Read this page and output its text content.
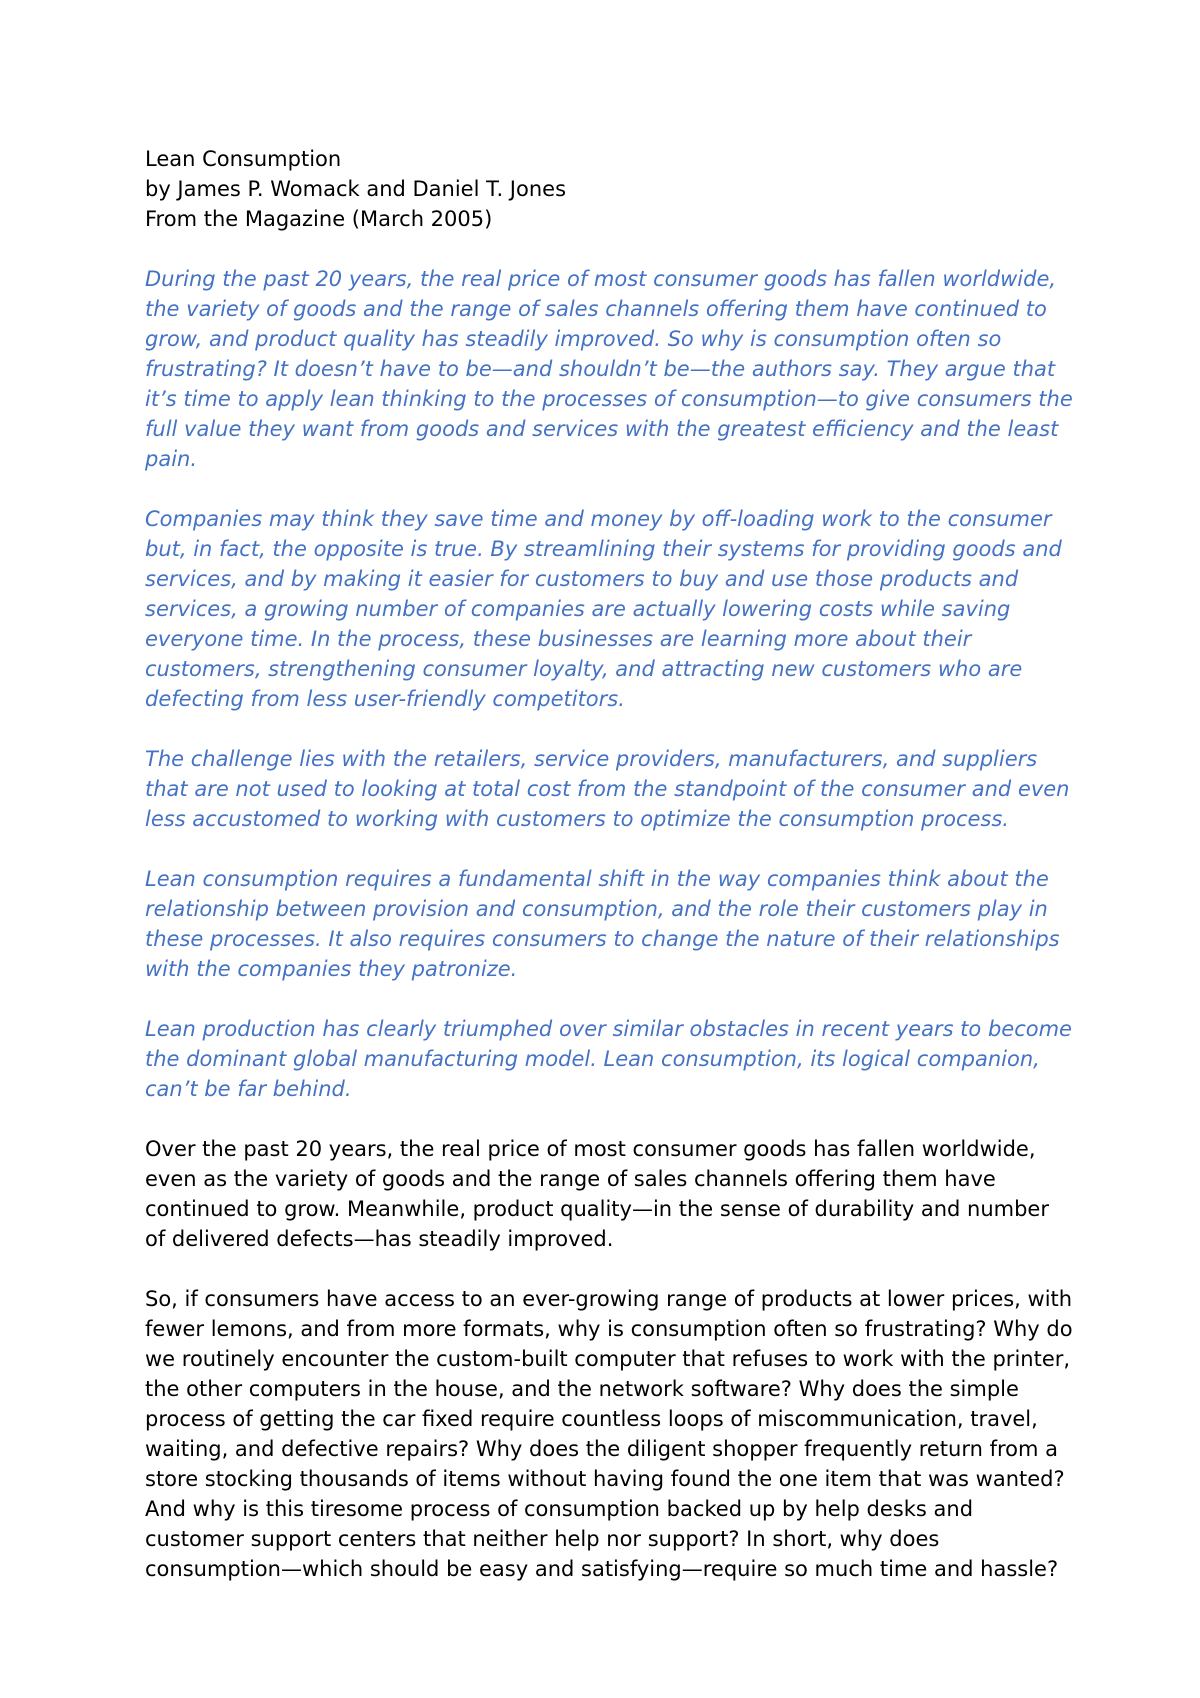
Lean Consumption

by James P. Womack and Daniel T. Jones

From the Magazine (March 2005)

During the past 20 years, the real price of most consumer goods has fallen worldwide, the variety of goods and the range of sales channels offering them have continued to grow, and product quality has steadily improved. So why is consumption often so frustrating? It doesn’t have to be—and shouldn’t be—the authors say. They argue that it’s time to apply lean thinking to the processes of consumption—to give consumers the full value they want from goods and services with the greatest efficiency and the least pain.

Companies may think they save time and money by off-loading work to the consumer but, in fact, the opposite is true. By streamlining their systems for providing goods and services, and by making it easier for customers to buy and use those products and services, a growing number of companies are actually lowering costs while saving everyone time. In the process, these businesses are learning more about their customers, strengthening consumer loyalty, and attracting new customers who are defecting from less user-friendly competitors.

The challenge lies with the retailers, service providers, manufacturers, and suppliers that are not used to looking at total cost from the standpoint of the consumer and even less accustomed to working with customers to optimize the consumption process.

Lean consumption requires a fundamental shift in the way companies think about the relationship between provision and consumption, and the role their customers play in these processes. It also requires consumers to change the nature of their relationships with the companies they patronize.

Lean production has clearly triumphed over similar obstacles in recent years to become the dominant global manufacturing model. Lean consumption, its logical companion, can’t be far behind.

Over the past 20 years, the real price of most consumer goods has fallen worldwide, even as the variety of goods and the range of sales channels offering them have continued to grow. Meanwhile, product quality—in the sense of durability and number of delivered defects—has steadily improved.

So, if consumers have access to an ever-growing range of products at lower prices, with fewer lemons, and from more formats, why is consumption often so frustrating? Why do we routinely encounter the custom-built computer that refuses to work with the printer, the other computers in the house, and the network software? Why does the simple process of getting the car fixed require countless loops of miscommunication, travel, waiting, and defective repairs? Why does the diligent shopper frequently return from a store stocking thousands of items without having found the one item that was wanted? And why is this tiresome process of consumption backed up by help desks and customer support centers that neither help nor support? In short, why does consumption—which should be easy and satisfying—require so much time and hassle?
